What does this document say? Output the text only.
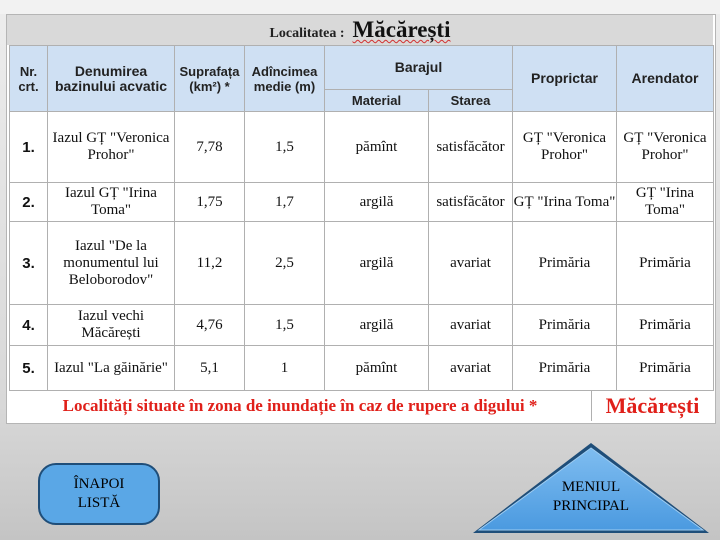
Localitatea : Măcărești
Nr. crt.	Denumirea bazinului acvatic	Suprafața (km²) *	Adîncimea medie (m)	Barajul		Proprictar	Arendator
				Material	Starea		
1.	Iazul GȚ "Veronica Prohor"	7,78	1,5	pămînt	satisfăcător	GȚ "Veronica Prohor"	GȚ "Veronica Prohor"
2.	Iazul GȚ "Irina Toma"	1,75	1,7	argilă	satisfăcător	GȚ "Irina Toma"	GȚ "Irina Toma"
3.	Iazul "De la monumentul lui Beloborodov"	11,2	2,5	argilă	avariat	Primăria	Primăria
4.	Iazul vechi Măcărești	4,76	1,5	argilă	avariat	Primăria	Primăria
5.	Iazul "La găinărie"	5,1	1	pămînt	avariat	Primăria	Primăria
Localități situate în zona de inundație în caz de rupere a digului *	Măcărești
ÎNAPOI
LISTĂ
MENIUL
PRINCIPAL
